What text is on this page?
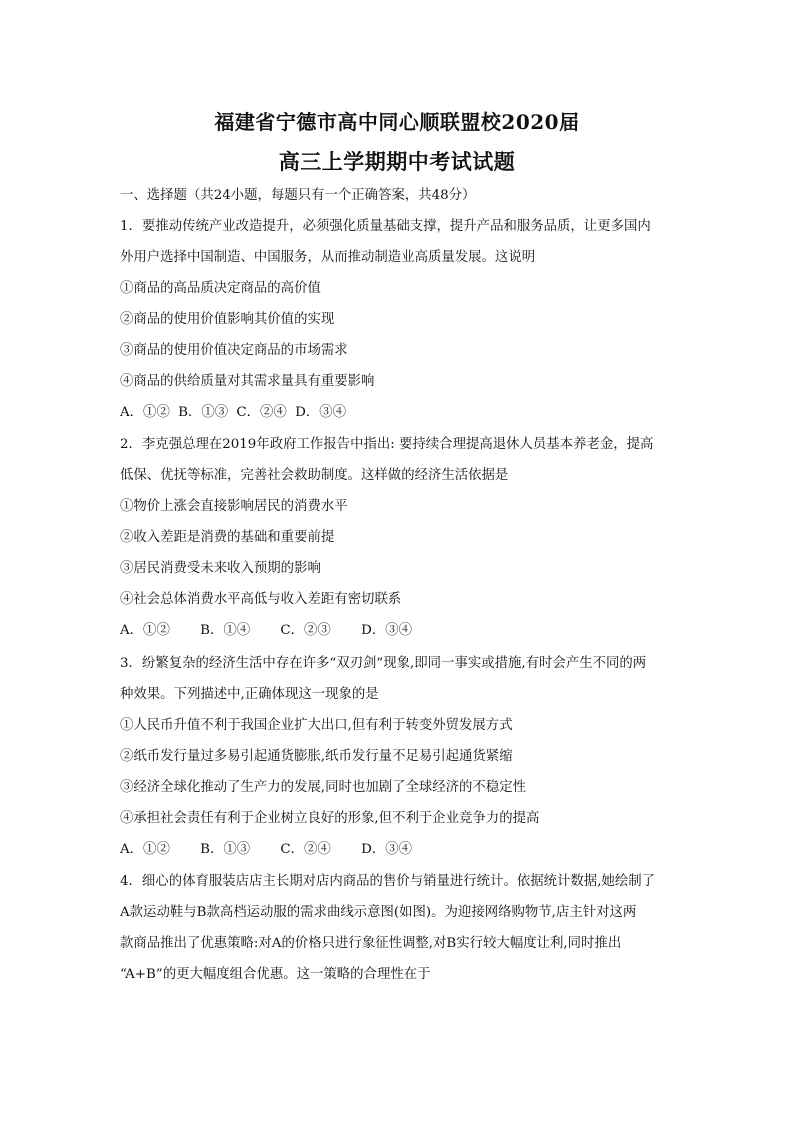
福建省宁德市高中同心顺联盟校2020届
高三上学期期中考试试题
一、选择题（共24小题，每题只有一个正确答案，共48分）
1．要推动传统产业改造提升，必须强化质量基础支撑，提升产品和服务品质，让更多国内
外用户选择中国制造、中国服务，从而推动制造业高质量发展。这说明
①商品的高品质决定商品的高价值
②商品的使用价值影响其价值的实现
③商品的使用价值决定商品的市场需求
④商品的供给质量对其需求量具有重要影响
A．①② B．①③ C．②④ D．③④
2．李克强总理在2019年政府工作报告中指出: 要持续合理提高退休人员基本养老金，提高
低保、优抚等标准，完善社会救助制度。这样做的经济生活依据是
①物价上涨会直接影响居民的消费水平
②收入差距是消费的基础和重要前提
③居民消费受未来收入预期的影响
④社会总体消费水平高低与收入差距有密切联系
A．①② B．①④ C．②③ D．③④
3．纷繁复杂的经济生活中存在许多“双刃剑”现象,即同一事实或措施,有时会产生不同的两
种效果。下列描述中,正确体现这一现象的是
①人民币升值不利于我国企业扩大出口,但有利于转变外贸发展方式
②纸币发行量过多易引起通货膨胀,纸币发行量不足易引起通货紧缩
③经济全球化推动了生产力的发展,同时也加剧了全球经济的不稳定性
④承担社会责任有利于企业树立良好的形象,但不利于企业竞争力的提高
A．①② B．①③ C．②④ D．③④
4．细心的体育服装店店主长期对店内商品的售价与销量进行统计。依据统计数据,她绘制了
A款运动鞋与B款高档运动服的需求曲线示意图(如图)。为迎接网络购物节,店主针对这两
款商品推出了优惠策略:对A的价格只进行象征性调整,对B实行较大幅度让利,同时推出
“A+B”的更大幅度组合优惠。这一策略的合理性在于
